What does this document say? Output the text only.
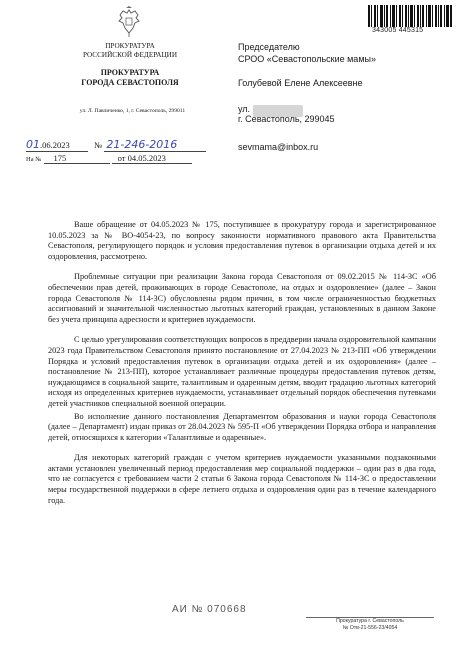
ПРОКУРАТУРА
РОССИЙСКОЙ ФЕДЕРАЦИИ
ПРОКУРАТУРА
ГОРОДА СЕВАСТОПОЛЯ
ул. Л. Павличенко, 1, г. Севастополь, 299011
01.06.2023	№ 21-246-2016
На № 175	от 04.05.2023
343005 445315
Председателю
СРОО «Севастопольские мамы»
Голубевой Елене Алексеевне
ул.
г. Севастополь, 299045
sevmama@inbox.ru

Ваше обращение от 04.05.2023 № 175, поступившее в прокуратуру города и зарегистрированное 10.05.2023 за № ВО-4054-23, по вопросу законности нормативного правового акта Правительства Севастополя, регулирующего порядок и условия предоставления путевок в организации отдыха детей и их оздоровления, рассмотрено.

Проблемные ситуации при реализации Закона города Севастополя от 09.02.2015 № 114-ЗС «Об обеспечении прав детей, проживающих в городе Севастополе, на отдых и оздоровление» (далее – Закон города Севастополя № 114-ЗС) обусловлены рядом причин, в том числе ограниченностью бюджетных ассигнований и значительной численностью льготных категорий граждан, установленных в данном Законе без учета принципа адресности и критериев нуждаемости.

С целью урегулирования соответствующих вопросов в преддверии начала оздоровительной кампании 2023 года Правительством Севастополя принято постановление от 27.04.2023 № 213-ПП «Об утверждении Порядка и условий предоставления путевок в организации отдыха детей и их оздоровления» (далее – постановление № 213-ПП), которое устанавливает различные процедуры предоставления путевок детям, нуждающимся в социальной защите, талантливым и одаренным детям, вводит градацию льготных категорий исходя из определенных критериев нуждаемости, устанавливает отдельный порядок обеспечения путевками детей участников специальной военной операции.

Во исполнение данного постановления Департаментом образования и науки города Севастополя (далее – Департамент) издан приказ от 28.04.2023 № 595-П «Об утверждении Порядка отбора и направления детей, относящихся к категории «Талантливые и одаренные».

Для некоторых категорий граждан с учетом критериев нуждаемости указанными подзаконными актами установлен увеличенный период предоставления мер социальной поддержки – один раз в два года, что не согласуется с требованием части 2 статьи 6 Закона города Севастополя № 114-ЗС о предоставлении меры государственной поддержки в сфере летнего отдыха и оздоровления один раз в течение календарного года.

АИ № 070668
Прокуратура г. Севастополь
№ Отв-21-556-23/4054
